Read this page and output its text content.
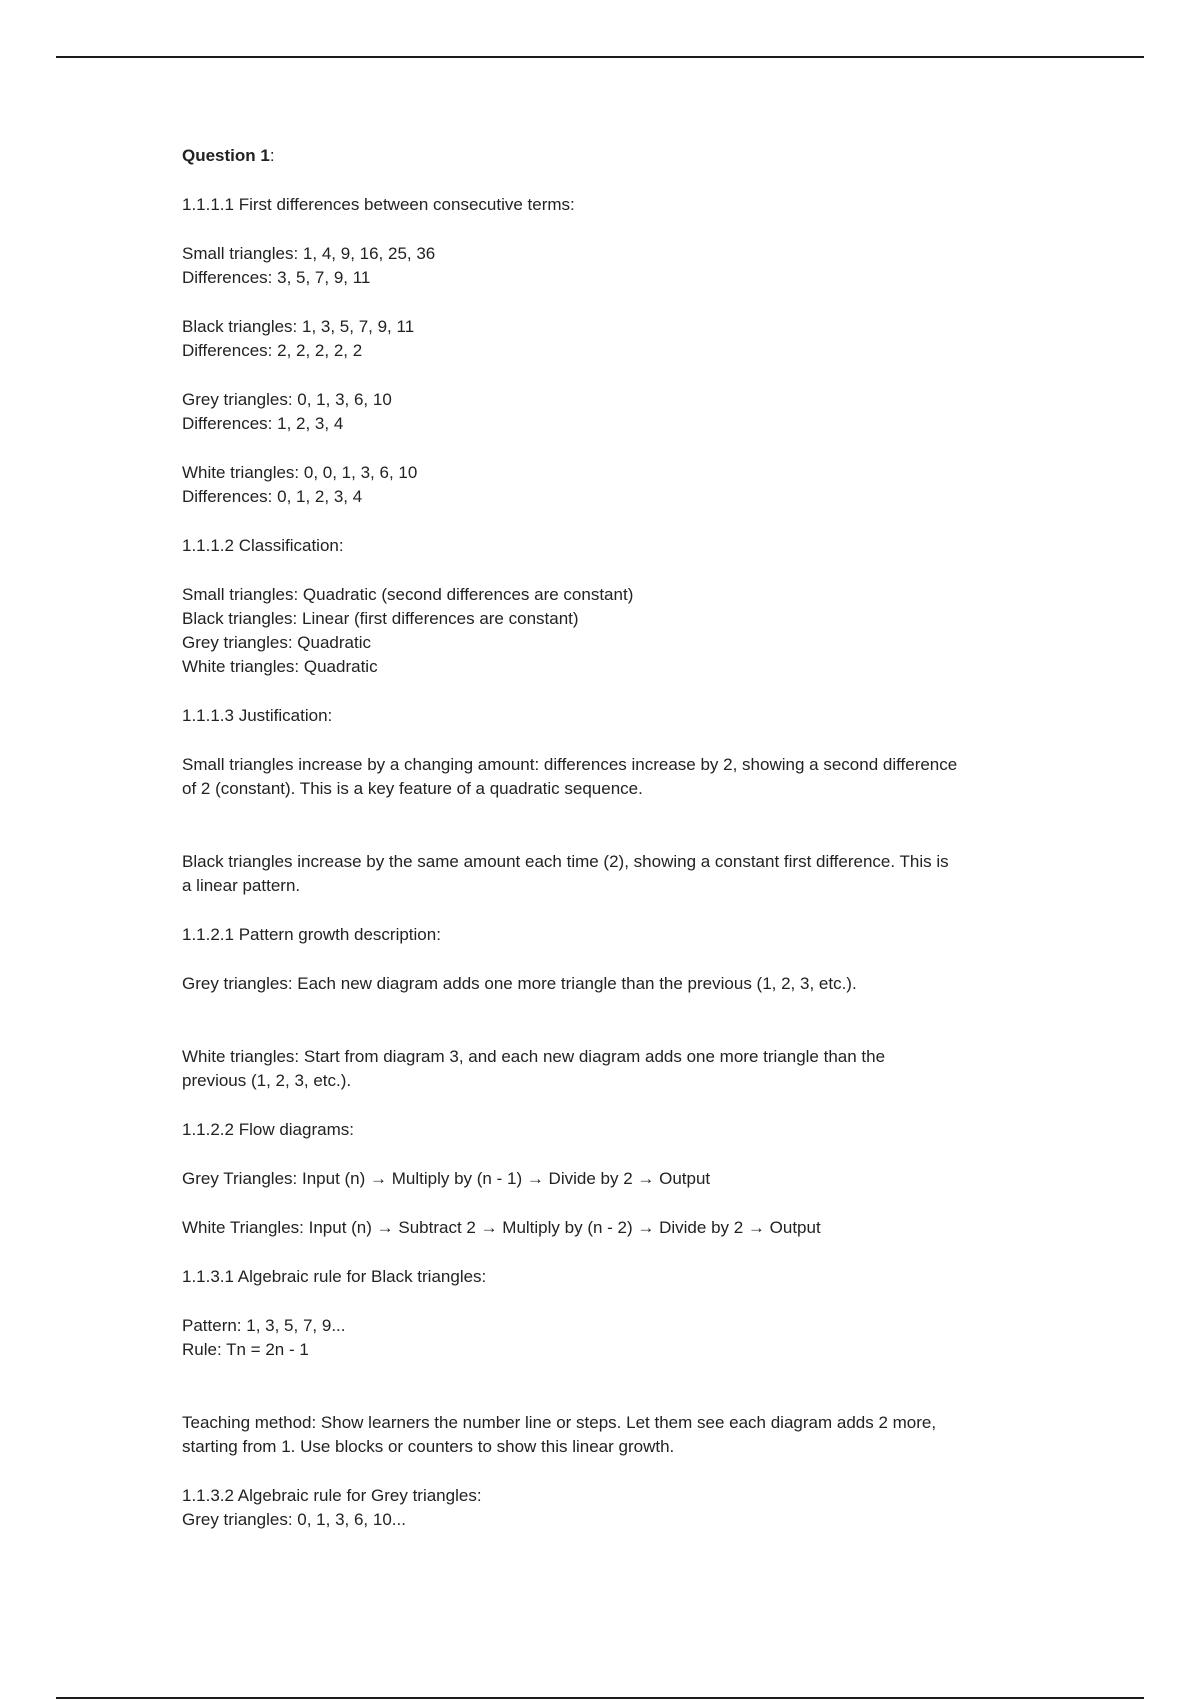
Question 1:
1.1.1.1 First differences between consecutive terms:
Small triangles: 1, 4, 9, 16, 25, 36
Differences: 3, 5, 7, 9, 11
Black triangles: 1, 3, 5, 7, 9, 11
Differences: 2, 2, 2, 2, 2
Grey triangles: 0, 1, 3, 6, 10
Differences: 1, 2, 3, 4
White triangles: 0, 0, 1, 3, 6, 10
Differences: 0, 1, 2, 3, 4
1.1.1.2 Classification:
Small triangles: Quadratic (second differences are constant)
Black triangles: Linear (first differences are constant)
Grey triangles: Quadratic
White triangles: Quadratic
1.1.1.3 Justification:
Small triangles increase by a changing amount: differences increase by 2, showing a second difference
of 2 (constant). This is a key feature of a quadratic sequence.
Black triangles increase by the same amount each time (2), showing a constant first difference. This is
a linear pattern.
1.1.2.1 Pattern growth description:
Grey triangles: Each new diagram adds one more triangle than the previous (1, 2, 3, etc.).
White triangles: Start from diagram 3, and each new diagram adds one more triangle than the
previous (1, 2, 3, etc.).
1.1.2.2 Flow diagrams:
Grey Triangles: Input (n) → Multiply by (n - 1) → Divide by 2 → Output
White Triangles: Input (n) → Subtract 2 → Multiply by (n - 2) → Divide by 2 → Output
1.1.3.1 Algebraic rule for Black triangles:
Pattern: 1, 3, 5, 7, 9...
Rule: Tn = 2n - 1
Teaching method: Show learners the number line or steps. Let them see each diagram adds 2 more,
starting from 1. Use blocks or counters to show this linear growth.
1.1.3.2 Algebraic rule for Grey triangles:
Grey triangles: 0, 1, 3, 6, 10...
